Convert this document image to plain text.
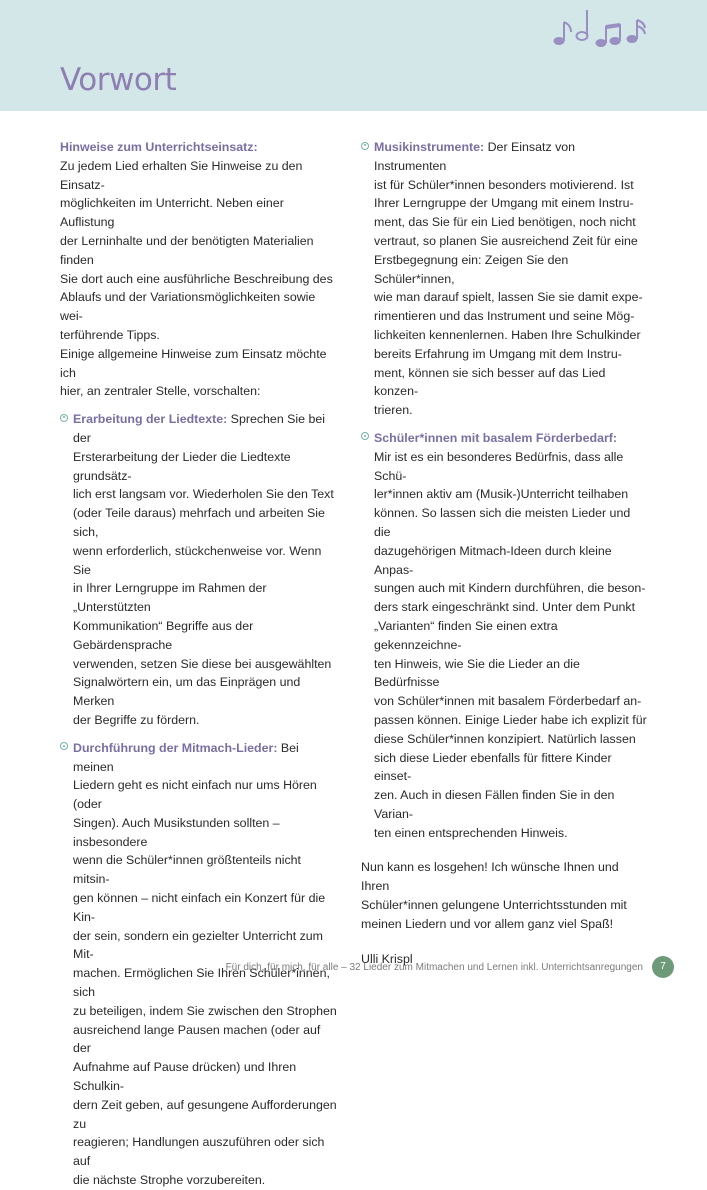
Vorwort

Hinweise zum Unterrichtseinsatz:

Zu jedem Lied erhalten Sie Hinweise zu den Einsatz-
möglichkeiten im Unterricht. Neben einer Auflistung
der Lerninhalte und der benötigten Materialien finden
Sie dort auch eine ausführliche Beschreibung des
Ablaufs und der Variationsmöglichkeiten sowie wei-
terführende Tipps.
Einige allgemeine Hinweise zum Einsatz möchte ich
hier, an zentraler Stelle, vorschalten:
Erarbeitung der Liedtexte: Sprechen Sie bei der
Ersterarbeitung der Lieder die Liedtexte grundsätz-
lich erst langsam vor. Wiederholen Sie den Text
(oder Teile daraus) mehrfach und arbeiten Sie sich,
wenn erforderlich, stückchenweise vor. Wenn Sie
in Ihrer Lerngruppe im Rahmen der „Unterstützten
Kommunikation“ Begriffe aus der Gebärdensprache
verwenden, setzen Sie diese bei ausgewählten
Signalwörtern ein, um das Einprägen und Merken
der Begriffe zu fördern.
Durchführung der Mitmach-Lieder: Bei meinen
Liedern geht es nicht einfach nur ums Hören (oder
Singen). Auch Musikstunden sollten – insbesondere
wenn die Schüler*innen größtenteils nicht mitsin-
gen können – nicht einfach ein Konzert für die Kin-
der sein, sondern ein gezielter Unterricht zum Mit-
machen. Ermöglichen Sie Ihren Schüler*innen, sich
zu beteiligen, indem Sie zwischen den Strophen
ausreichend lange Pausen machen (oder auf der
Aufnahme auf Pause drücken) und Ihren Schulkin-
dern Zeit geben, auf gesungene Aufforderungen zu
reagieren; Handlungen auszuführen oder sich auf
die nächste Strophe vorzubereiten.
Musikinstrumente: Der Einsatz von Instrumenten
ist für Schüler*innen besonders motivierend. Ist
Ihrer Lerngruppe der Umgang mit einem Instru-
ment, das Sie für ein Lied benötigen, noch nicht
vertraut, so planen Sie ausreichend Zeit für eine
Erstbegegnung ein: Zeigen Sie den Schüler*innen,
wie man darauf spielt, lassen Sie sie damit expe-
rimentieren und das Instrument und seine Mög-
lichkeiten kennenlernen. Haben Ihre Schulkinder
bereits Erfahrung im Umgang mit dem Instru-
ment, können sie sich besser auf das Lied konzen-
trieren.
Schüler*innen mit basalem Förderbedarf:
Mir ist es ein besonderes Bedürfnis, dass alle Schü-
ler*innen aktiv am (Musik-)Unterricht teilhaben
können. So lassen sich die meisten Lieder und die
dazugehörigen Mitmach-Ideen durch kleine Anpas-
sungen auch mit Kindern durchführen, die beson-
ders stark eingeschränkt sind. Unter dem Punkt
„Varianten“ finden Sie einen extra gekennzeichne-
ten Hinweis, wie Sie die Lieder an die Bedürfnisse
von Schüler*innen mit basalem Förderbedarf an-
passen können. Einige Lieder habe ich explizit für
diese Schüler*innen konzipiert. Natürlich lassen
sich diese Lieder ebenfalls für fittere Kinder einset-
zen. Auch in diesen Fällen finden Sie in den Varian-
ten einen entsprechenden Hinweis.
Nun kann es losgehen! Ich wünsche Ihnen und Ihren
Schüler*innen gelungene Unterrichtsstunden mit
meinen Liedern und vor allem ganz viel Spaß!
Ulli Krispl
Für dich, für mich, für alle – 32 Lieder zum Mitmachen und Lernen inkl. Unterrichtsanregungen	7
